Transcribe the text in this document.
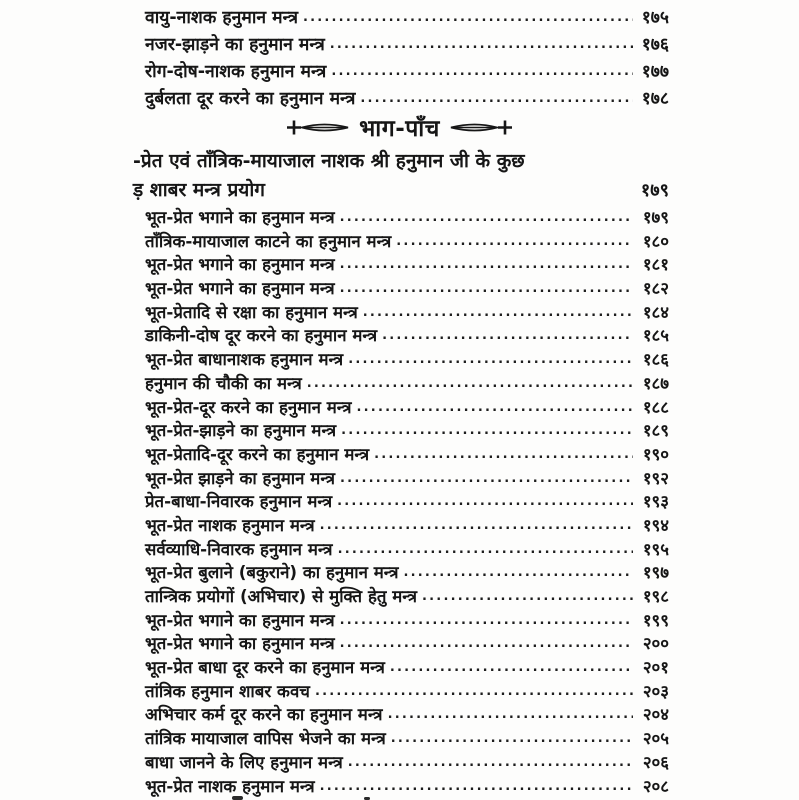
वायु-नाशक हनुमान मन्त्र .....	१७५
नजर-झाड़ने का हनुमान मन्त्र .....	१७६
रोग-दोष-नाशक हनुमान मन्त्र .....	१७७
दुर्बलता दूर करने का हनुमान मन्त्र .....	१७८
भाग-पाँच
-प्रेत एवं ताँत्रिक-मायाजाल नाशक श्री हनुमान जी के कुछ
ड़ शाबर मन्त्र प्रयोग	१७९
भूत-प्रेत भगाने का हनुमान मन्त्र .....	१७९
ताँत्रिक-मायाजाल काटने का हनुमान मन्त्र .....	१८०
भूत-प्रेत भगाने का हनुमान मन्त्र .....	१८१
भूत-प्रेत भगाने का हनुमान मन्त्र .....	१८२
भूत-प्रेतादि से रक्षा का हनुमान मन्त्र .....	१८४
डाकिनी-दोष दूर करने का हनुमान मन्त्र .....	१८५
भूत-प्रेत बाधानाशक हनुमान मन्त्र .....	१८६
हनुमान की चौकी का मन्त्र .....	१८७
भूत-प्रेत-दूर करने का हनुमान मन्त्र .....	१८८
भूत-प्रेत-झाड़ने का हनुमान मन्त्र .....	१८९
भूत-प्रेतादि-दूर करने का हनुमान मन्त्र .....	१९०
भूत-प्रेत झाड़ने का हनुमान मन्त्र .....	१९२
प्रेत-बाधा-निवारक हनुमान मन्त्र .....	१९३
भूत-प्रेत नाशक हनुमान मन्त्र .....	१९४
सर्वव्याधि-निवारक हनुमान मन्त्र .....	१९५
भूत-प्रेत बुलाने (बकुराने) का हनुमान मन्त्र .....	१९७
तान्त्रिक प्रयोगों (अभिचार) से मुक्ति हेतु मन्त्र .....	१९८
भूत-प्रेत भगाने का हनुमान मन्त्र .....	१९९
भूत-प्रेत भगाने का हनुमान मन्त्र .....	२००
भूत-प्रेत बाधा दूर करने का हनुमान मन्त्र .....	२०१
तांत्रिक हनुमान शाबर कवच .....	२०३
अभिचार कर्म दूर करने का हनुमान मन्त्र .....	२०४
तांत्रिक मायाजाल वापिस भेजने का मन्त्र .....	२०५
बाधा जानने के लिए हनुमान मन्त्र .....	२०६
भूत-प्रेत नाशक हनुमान मन्त्र .....	२०८
